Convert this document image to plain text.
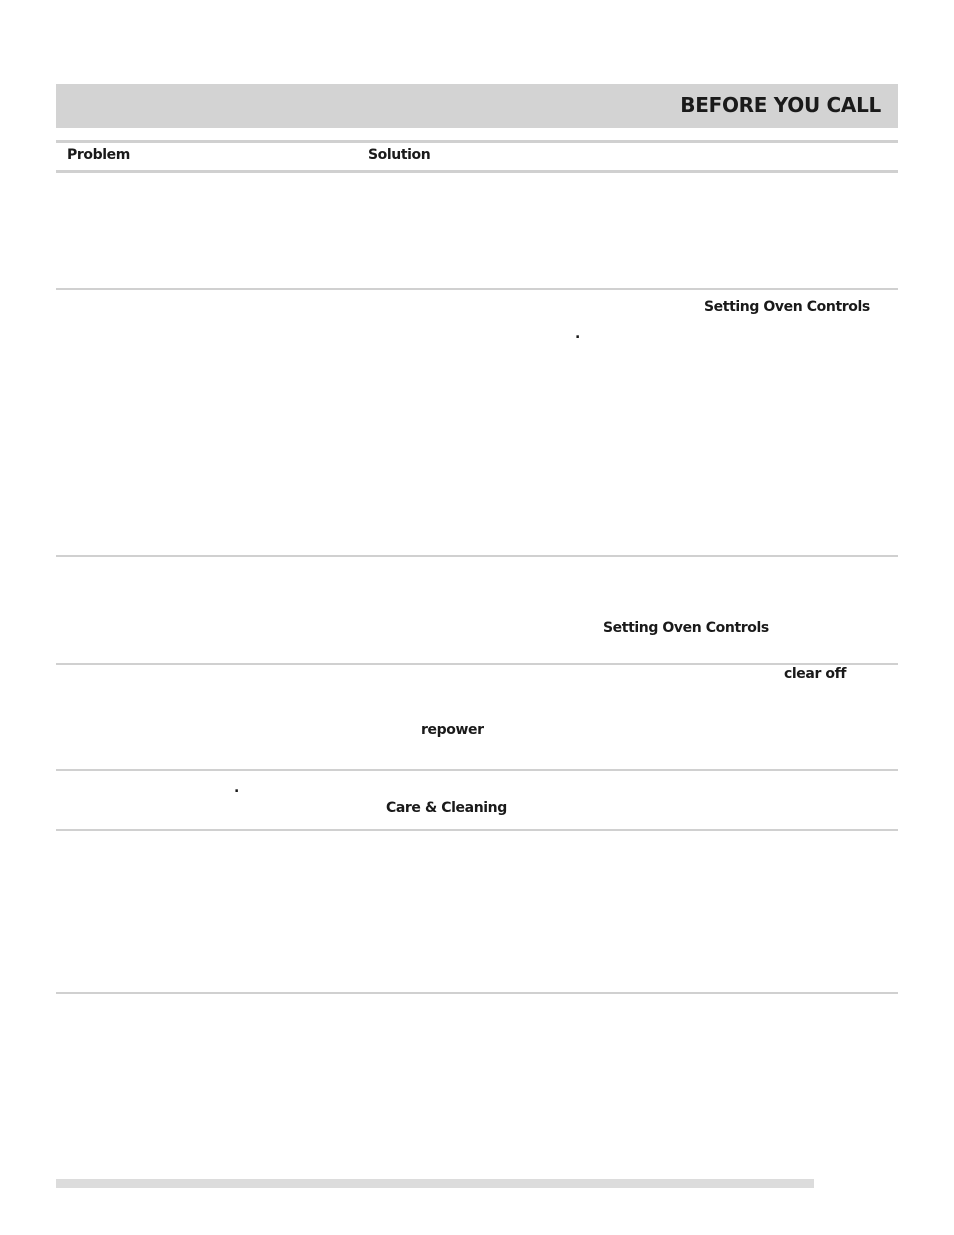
BEFORE YOU CALL
Problem	Solution
Setting Oven Controls
.
Setting Oven Controls
clear off
repower
.
Care & Cleaning
